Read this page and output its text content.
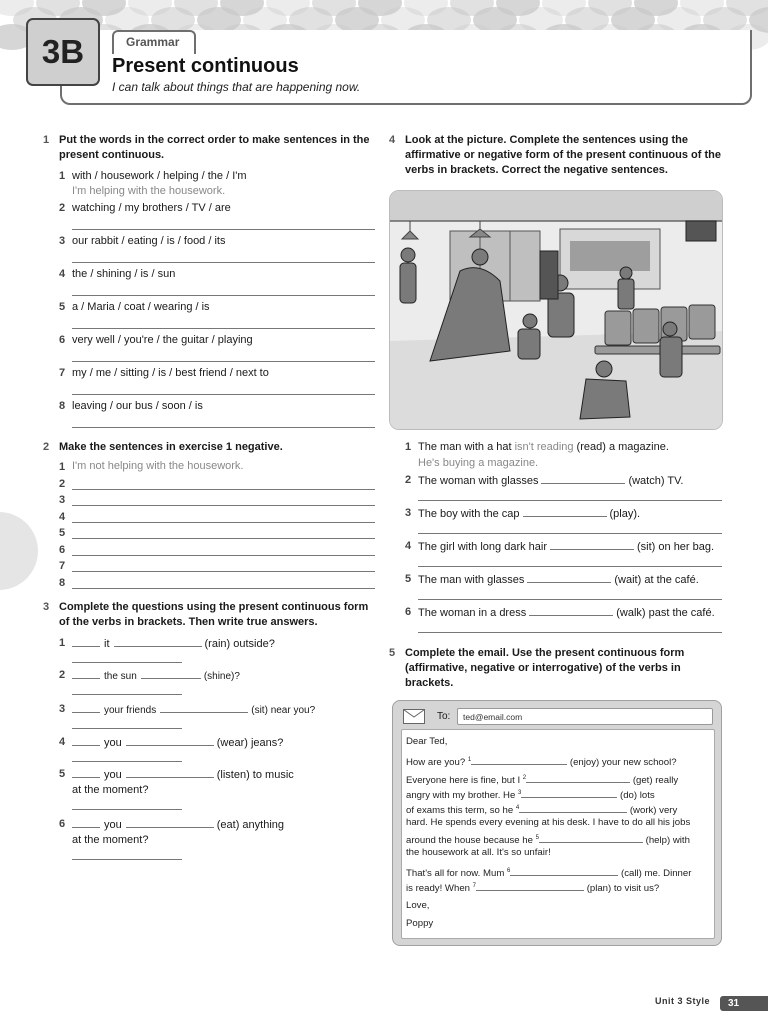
Grammar
3B	Present continuous
I can talk about things that are happening now.
1 Put the words in the correct order to make sentences in the present continuous.
2 Make the sentences in exercise 1 negative.
I'm not helping with the housework.
3 Complete the questions using the present continuous form of the verbs in brackets. Then write true answers.
4 Look at the picture. Complete the sentences using the affirmative or negative form of the present continuous of the verbs in brackets. Correct the negative sentences.
5 Complete the email. Use the present continuous form (affirmative, negative or interrogative) of the verbs in brackets.
To:	ted@email.com
Dear Ted,
How are you? $^1$	(enjoy) your new school?
Everyone here is fine, but I $^2$	(get) really
angry with my brother. He $^3$	(do) lots
of exams this term, so he $^4$	(work) very
hard. He spends every evening at his desk. I have to do all his jobs
around the house because he $^5$	(help) with
the housework at all. It's so unfair!
That's all for now. Mum $^6$	(call) me. Dinner
is ready! When $^7$	(plan) to visit us?
Love,
Poppy
Unit 3 Style	31
1 with / housework / helping / the / I'm
I'm helping with the housework.
2 watching / my brothers / TV / are
3 our rabbit / eating / is / food / its
4 the / shining / is / sun
5 a / Maria / coat / wearing / is
6 very well / you're / the guitar / playing
7 my / me / sitting / is / best friend / next to
8 leaving / our bus / soon / is
1
2
3
4
5
6
7
8
1	it	(rain) outside?
2	the sun	(shine)?
3	your friends	(sit) near you?
4	you	(wear) jeans?
5	you	(listen) to music
at the moment?
6	you	(eat) anything
at the moment?
1 The man with a hat isn't reading (read) a magazine.
He's buying a magazine.
2 The woman with glasses	(watch) TV.
3 The boy with the cap	(play).
4 The girl with long dark hair	(sit) on her bag.
5 The man with glasses	(wait) at the café.
6 The woman in a dress	(walk) past the café.
